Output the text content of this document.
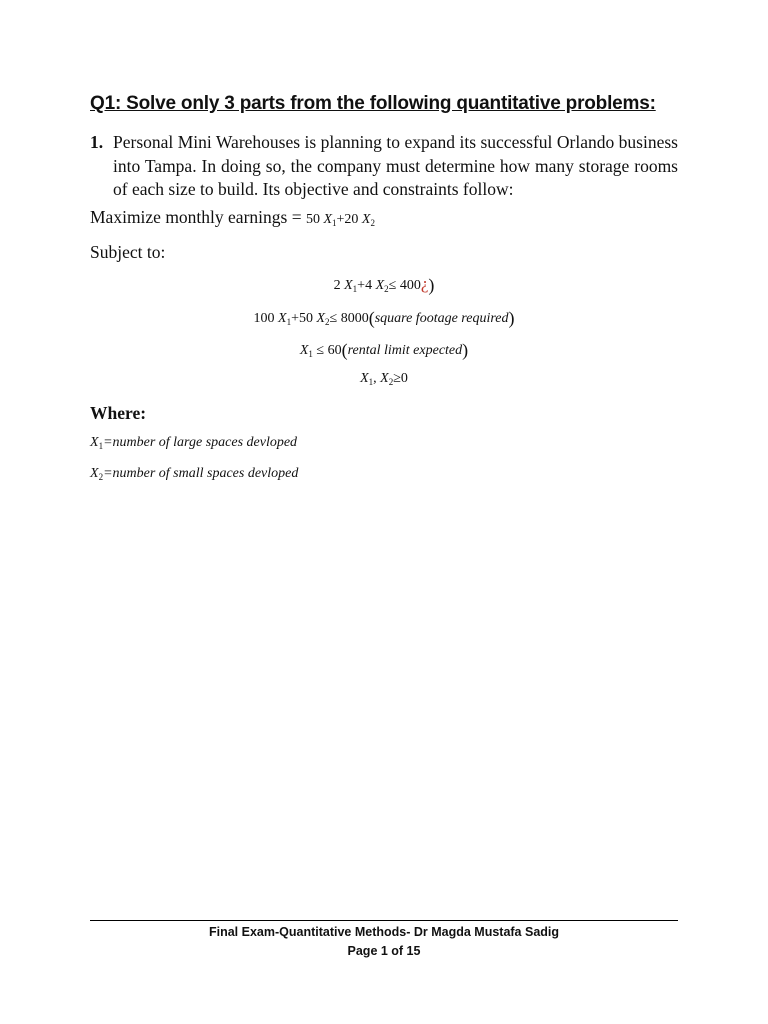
Q1: Solve only 3 parts from the following quantitative problems:
1. Personal Mini Warehouses is planning to expand its successful Orlando business into Tampa. In doing so, the company must determine how many storage rooms of each size to build. Its objective and constraints follow:
Maximize monthly earnings = 50 $X_1+20$ $X_2$
Subject to:
2 $X_1+4$ $X_2\le$ 400¿)
100 $X_1+50$ $X_2\le$ 8000(square footage required)
$X_1$ ≤ 60(rental limit expected)
$X_1$, $X_2\ge 0$
Where:
$X_1=number$ of large spaces devloped
$X_2=number$ of small spaces devloped
Final Exam-Quantitative Methods- Dr Magda Mustafa Sadig
Page 1 of 15
